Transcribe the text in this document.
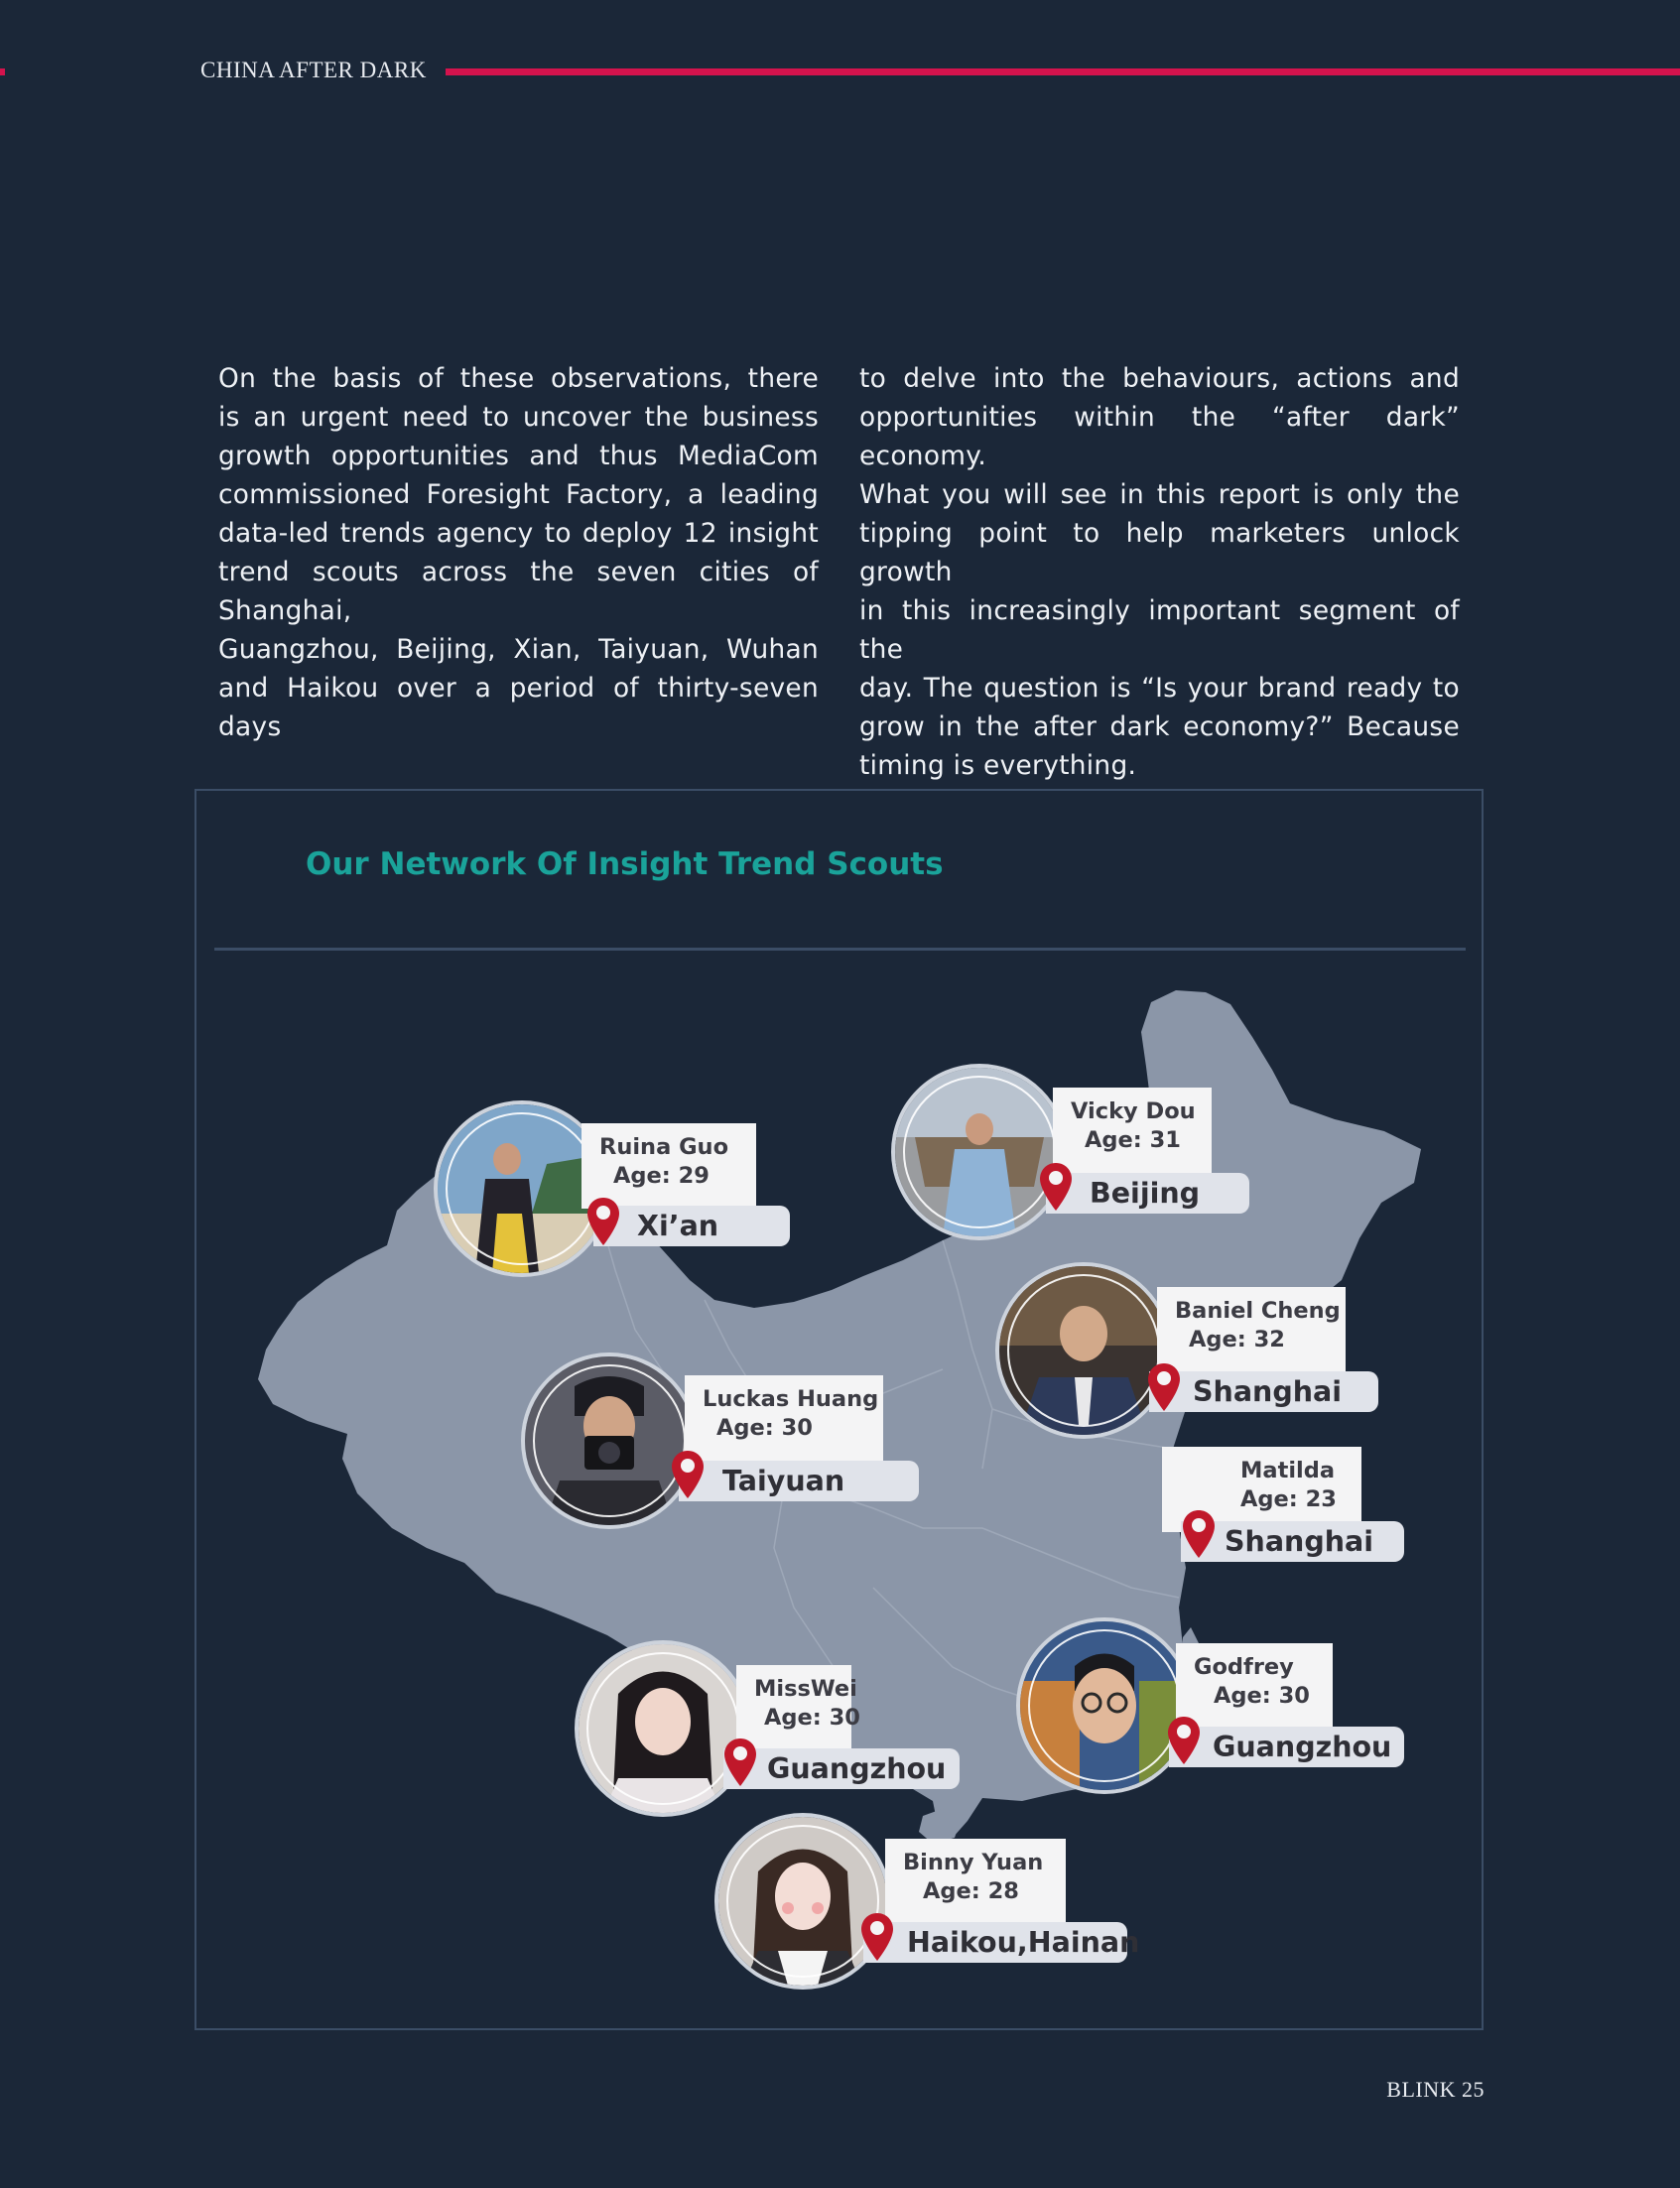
CHINA AFTER DARK
On the basis of these observations, there
is an urgent need to uncover the business
growth opportunities and thus MediaCom
commissioned Foresight Factory, a leading
data-led trends agency to deploy 12 insight
trend scouts across the seven cities of Shanghai,
Guangzhou, Beijing, Xian, Taiyuan, Wuhan
and Haikou over a period of thirty-seven days
to delve into the behaviours, actions and
opportunities within the “after dark” economy.
What you will see in this report is only the
tipping point to help marketers unlock growth
in this increasingly important segment of the
day. The question is “Is your brand ready to
grow in the after dark economy?” Because
timing is everything.
Our Network Of Insight Trend Scouts
Ruina Guo
Age: 29
Xi’an
Vicky Dou
Age: 31
Beijing
Baniel Cheng
Age: 32
Shanghai
Luckas Huang
Age: 30
Taiyuan	Matilda
Age: 23
Shanghai
MissWei
Age: 30
Guangzhou
Godfrey
Age: 30
Guangzhou
Binny Yuan
Age: 28
Haikou,Hainan
BLINK 25
